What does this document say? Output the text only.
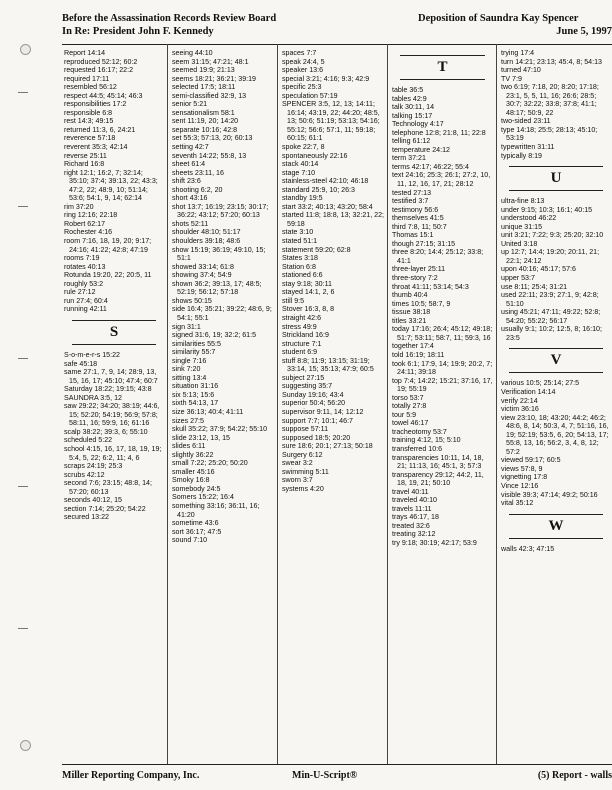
Before the Assassination Records Review Board
In Re: President John F. Kennedy
Deposition of Saundra Kay Spencer
June 5, 1997
Report 14:14
reproduced 52:12; 60:2
requested 16:17; 22:2
required 17:11
resembled 56:12
respect 44:5; 45:14; 46:3
responsibilities 17:2
responsible 6:8
rest 14:3; 49:15
returned 11:3, 6, 24:21
reverence 57:18
reverent 35:3; 42:14
reverse 25:11
Richard 16:8
right 12:1; 16:2, 7; 32:14; 35:10; 37:4; 39:13, 22; 43:3; 47:2, 22; 48:9, 10; 51:14; 53:6; 54:1, 9, 14; 62:14
rim 37:20
ring 12:16; 22:18
Robert 62:17
Rochester 4:16
room 7:16, 18, 19, 20; 9:17; 24:16; 41:22; 42:8; 47:19
rooms 7:19
rotates 40:13
Rotunda 19:20, 22; 20:5, 11
roughly 53:2
rule 27:12
run 27:4; 60:4
running 42:11
S
S-o-m-e-r-s 15:22
safe 45:18
same 27:1, 7, 9, 14; 28:9, 13, 15, 16, 17; 45:10; 47:4; 60:7
Saturday 18:22; 19:15; 43:8
SAUNDRA 3:5, 12
saw 29:22; 34:20; 38:19; 44:6, 15; 52:20; 54:19; 56:9; 57:8; 58:11, 16; 59:9, 16; 61:16
scalp 38:22; 39:3, 6; 55:10
scheduled 5:22
school 4:15, 16, 17, 18, 19, 19; 5:4, 5, 22; 6:2, 11; 4, 6
scraps 24:19; 25:3
scrubs 42:12
second 7:6; 23:15; 48:8, 14; 57:20; 60:13
seconds 40:12, 15
section 7:14; 25:20; 54:22
secured 13:22
seeing 44:10
seem 31:15; 47:21; 48:1
seemed 19:9; 21:13
seems 18:21; 36:21; 39:19
selected 17:5; 18:11
semi-classified 32:9, 13
senior 5:21
sensationalism 58:1
sent 11:19, 20; 14:20
separate 10:16; 42:8
set 55:3; 57:13, 20; 60:13
setting 42:7
seventh 14:22; 55:8, 13
sheet 61:4
sheets 23:11, 16
shift 23:6
shooting 6:2, 20
short 43:16
shot 13:7; 16:19; 23:15; 30:17; 36:22; 43:12; 57:20; 60:13
shots 52:11
shoulder 48:10; 51:17
shoulders 39:18; 48:6
show 15:19; 36:19; 49:10, 15; 51:1
showed 33:14; 61:8
showing 37:4; 54:9
shown 36:2; 39:13, 17; 48:5; 52:19; 56:12; 57:18
shows 50:15
side 16:4; 35:21; 39:22; 48:6, 9; 54:1; 55:1
sign 31:1
signed 31:6, 19; 32:2; 61:5
similarities 55:5
similarity 55:7
single 7:16
sink 7:20
sitting 13:4
situation 31:16
six 5:13; 15:6
sixth 54:13, 17
size 36:13; 40:4; 41:11
sizes 27:5
skull 35:22; 37:9; 54:22; 55:10
slide 23:12, 13, 15
slides 6:11
slightly 36:22
small 7:22; 25:20; 50:20
smaller 45:16
Smoky 16:8
somebody 24:5
Somers 15:22; 16:4
something 33:16; 36:11, 16; 41:20
sometime 43:6
sort 36:17; 47:5
sound 7:10
spaces 7:7
speak 24:4, 5
speaker 13:6
special 3:21; 4:16; 9:3; 42:9
specific 25:3
speculation 57:19
SPENCER 3:5, 12, 13; 14:11; 16:14; 43:19, 22; 44:20; 48:5, 13; 50:6; 51:19; 53:13; 54:16; 55:12; 56:6; 57:1, 11; 59:18; 60:15; 61:1
spoke 22:7, 8
spontaneously 22:16
stack 40:14
stage 7:10
stainless-steel 42:10; 46:18
standard 25:9, 10; 26:3
standby 19:5
start 33:2; 40:13; 43:20; 58:4
started 11:8; 18:8, 13; 32:21, 22; 59:18
state 3:10
stated 51:1
statement 59:20; 62:8
States 3:18
Station 6:8
stationed 6:6
stay 9:18; 30:11
stayed 14:1, 2, 6
still 9:5
Stover 16:3, 8, 8
straight 42:6
stress 49:9
Strickland 16:9
structure 7:1
student 6:9
stuff 8:8; 11:9; 13:15; 31:19; 33:14, 15; 35:13; 47:9; 60:5
subject 27:15
suggesting 35:7
Sunday 19:16; 43:4
superior 50:4; 56:20
supervisor 9:11, 14; 12:12
support 7:7; 10:1; 46:7
suppose 57:11
supposed 18:5; 20:20
sure 18:6; 20:1; 27:13; 50:18
Surgery 6:12
swear 3:2
swimming 5:11
sworn 3:7
systems 4:20
T
table 36:5
tables 42:9
talk 30:11, 14
talking 15:17
Technology 4:17
telephone 12:8; 21:8, 11; 22:8
telling 61:12
temperature 24:12
term 37:21
terms 42:17; 46:22; 55:4
text 24:16; 25:3; 26:1; 27:2, 10, 11, 12, 16, 17, 21; 28:12
tested 27:13
testified 3:7
testimony 56:6
themselves 41:5
third 7:8, 11; 50:7
Thomas 15:1
though 27:15; 31:15
three 8:20; 14:4; 25:12; 33:8; 41:1
three-layer 25:11
three-story 7:2
throat 41:11; 53:14; 54:3
thumb 40:4
times 10:5; 58:7, 9
tissue 38:18
titles 33:21
today 17:16; 26:4; 45:12; 49:18; 51:7; 53:11; 58:7, 11; 59:3, 16
together 17:4
told 16:19; 18:11
took 6:1; 17:9, 14; 19:9; 20:2, 7; 24:11; 39:18
top 7:4; 14:22; 15:21; 37:16, 17, 19; 55:19
torso 53:7
totally 27:8
tour 5:9
towel 46:17
tracheotomy 53:7
training 4:12, 15; 5:10
transferred 10:6
transparencies 10:11, 14, 18, 21; 11:13, 16; 45:1, 3; 57:3
transparency 29:12; 44:2, 11, 18, 19, 21; 50:10
travel 40:11
traveled 40:10
travels 11:11
trays 46:17, 18
treated 32:6
treating 32:12
try 9:18; 30:19; 42:17; 53:9
trying 17:4
turn 14:21; 23:13; 45:4, 8; 54:13
turned 47:10
TV 7:9
two 6:19; 7:18, 20; 8:20; 17:18; 23:1, 5, 5, 11, 16; 26:6; 28:5; 30:7; 32:22; 33:8; 37:8; 41:1; 48:17; 50:9, 22
two-sided 23:11
type 14:18; 25:5; 28:13; 45:10; 53:19
typewritten 31:11
typically 8:19
U
ultra-fine 8:13
under 9:15; 10:3; 16:1; 40:15
understood 46:22
unique 31:15
unit 3:21; 7:22; 9:3; 25:20; 32:10
United 3:18
up 12:7; 14:4; 19:20; 20:11, 21; 22:1; 24:12
upon 40:16; 45:17; 57:6
upper 53:7
use 8:11; 25:4; 31:21
used 22:11; 23:9; 27:1, 9; 42:8; 51:10
using 45:21; 47:11; 49:22; 52:8; 54:20; 55:22; 56:17
usually 9:1; 10:2; 12:5, 8; 16:10; 23:5
V
various 10:5; 25:14; 27:5
Verification 14:14
verify 22:14
victim 36:16
view 23:10, 18; 43:20; 44:2; 46:2; 48:6, 8, 14; 50:3, 4, 7; 51:16, 16, 19; 52:19; 53:5, 6, 20; 54:13, 17; 55:8, 13, 16; 56:2, 3, 4, 8, 12; 57:2
viewed 59:17; 60:5
views 57:8, 9
vignetting 17:8
Vince 12:16
visible 39:3; 47:14; 49:2; 50:16
vital 35:12
W
walls 42:3; 47:15
Miller Reporting Company, Inc.	Min-U-Script®	(5) Report - walls
